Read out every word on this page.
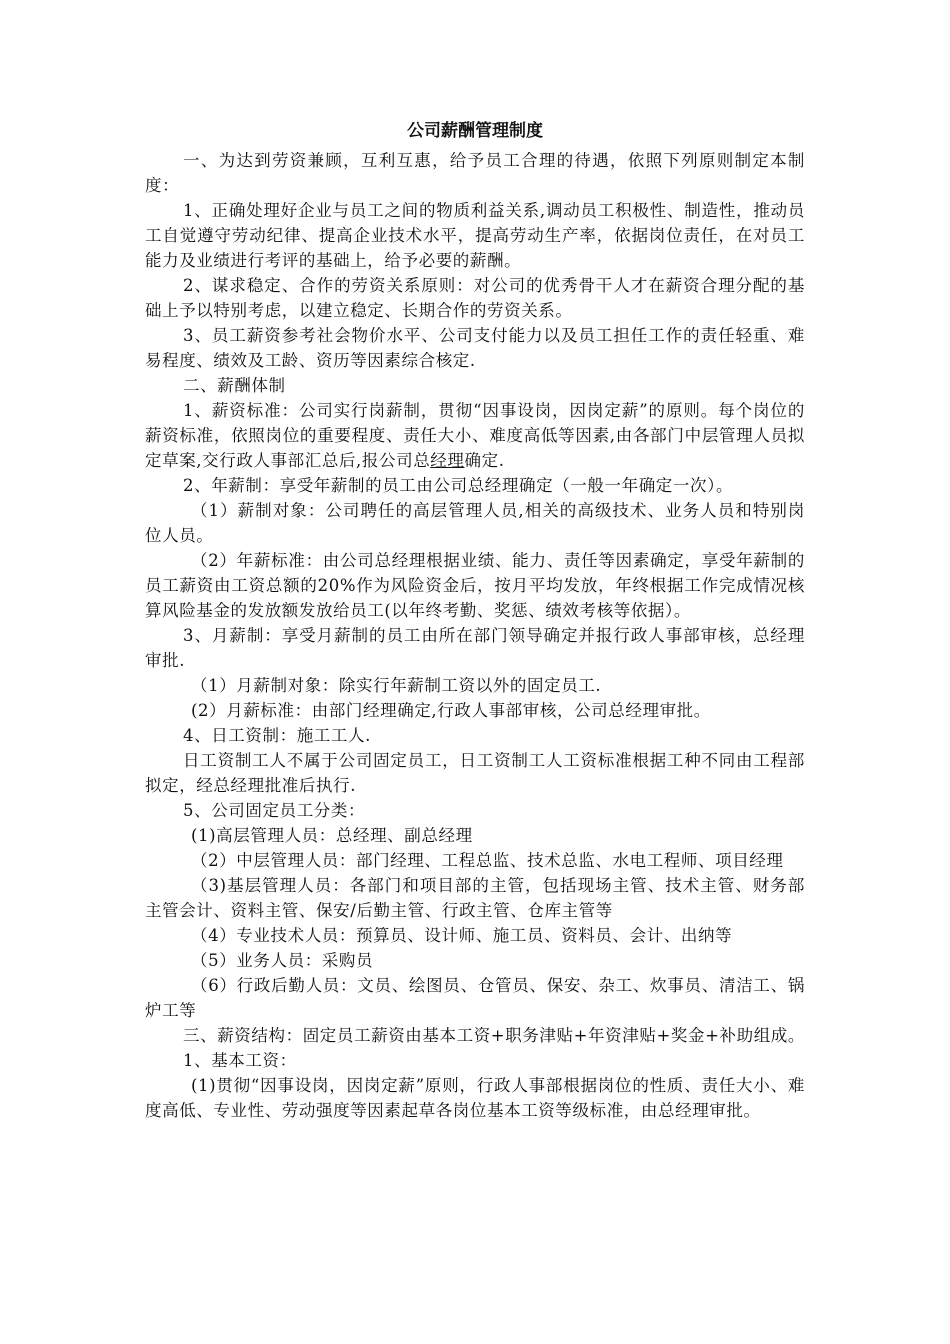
公司薪酬管理制度

一、为达到劳资兼顾，互利互惠，给予员工合理的待遇，依照下列原则制定本制度：

1、正确处理好企业与员工之间的物质利益关系,调动员工积极性、制造性，推动员工自觉遵守劳动纪律、提高企业技术水平，提高劳动生产率，依据岗位责任，在对员工能力及业绩进行考评的基础上，给予必要的薪酬。

2、谋求稳定、合作的劳资关系原则：对公司的优秀骨干人才在薪资合理分配的基础上予以特别考虑，以建立稳定、长期合作的劳资关系。

3、员工薪资参考社会物价水平、公司支付能力以及员工担任工作的责任轻重、难易程度、绩效及工龄、资历等因素综合核定.

二、薪酬体制

1、薪资标准：公司实行岗薪制，贯彻“因事设岗，因岗定薪”的原则。每个岗位的薪资标准，依照岗位的重要程度、责任大小、难度高低等因素,由各部门中层管理人员拟定草案,交行政人事部汇总后,报公司总经理确定.

2、年薪制：享受年薪制的员工由公司总经理确定（一般一年确定一次）。

（1）薪制对象：公司聘任的高层管理人员,相关的高级技术、业务人员和特别岗位人员。

（2）年薪标准：由公司总经理根据业绩、能力、责任等因素确定，享受年薪制的员工薪资由工资总额的20%作为风险资金后，按月平均发放，年终根据工作完成情况核算风险基金的发放额发放给员工(以年终考勤、奖惩、绩效考核等依据）。

3、月薪制：享受月薪制的员工由所在部门领导确定并报行政人事部审核，总经理审批.

（1）月薪制对象：除实行年薪制工资以外的固定员工.

(2）月薪标准：由部门经理确定,行政人事部审核，公司总经理审批。

4、日工资制：施工工人.

日工资制工人不属于公司固定员工，日工资制工人工资标准根据工种不同由工程部拟定，经总经理批准后执行.

5、公司固定员工分类：

(1)高层管理人员：总经理、副总经理

（2）中层管理人员：部门经理、工程总监、技术总监、水电工程师、项目经理

（3)基层管理人员：各部门和项目部的主管，包括现场主管、技术主管、财务部主管会计、资料主管、保安/后勤主管、行政主管、仓库主管等

（4）专业技术人员：预算员、设计师、施工员、资料员、会计、出纳等

（5）业务人员：采购员

（6）行政后勤人员：文员、绘图员、仓管员、保安、杂工、炊事员、清洁工、锅炉工等

三、薪资结构：固定员工薪资由基本工资+职务津贴+年资津贴+奖金+补助组成。

1、基本工资：

(1)贯彻“因事设岗，因岗定薪”原则，行政人事部根据岗位的性质、责任大小、难度高低、专业性、劳动强度等因素起草各岗位基本工资等级标准，由总经理审批。
